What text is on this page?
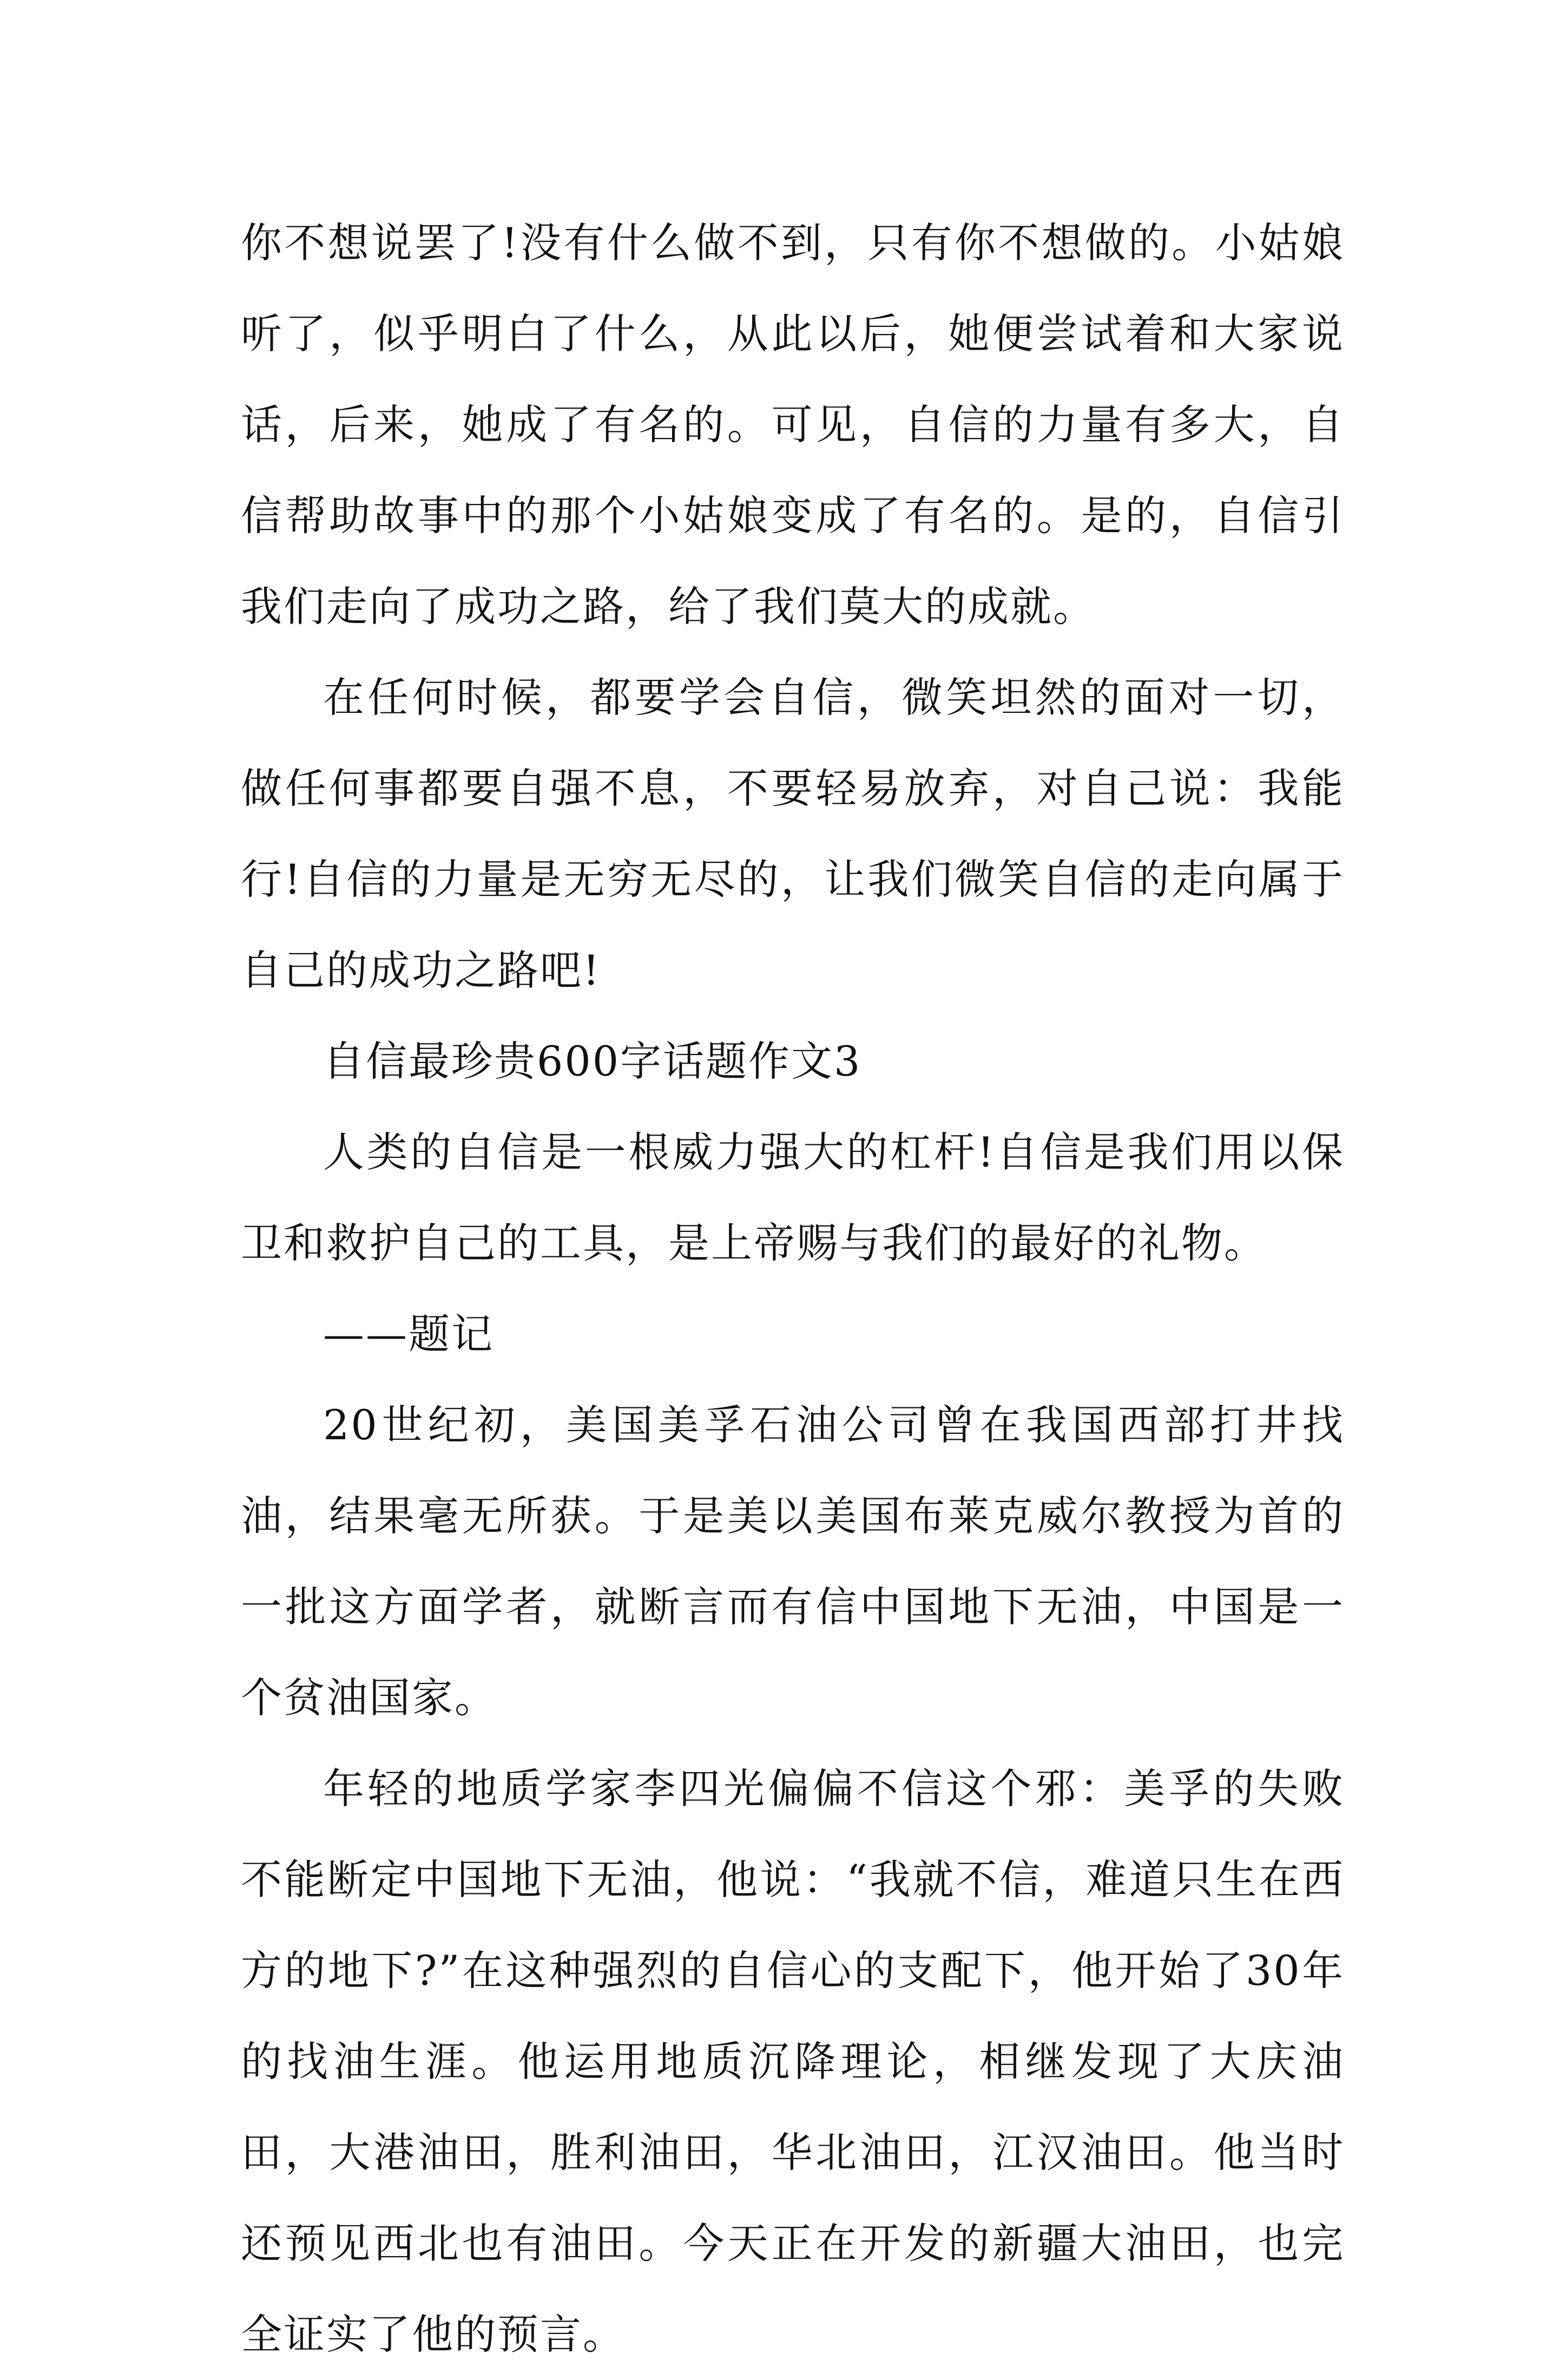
你不想说罢了!没有什么做不到，只有你不想做的。小姑娘听了，似乎明白了什么，从此以后，她便尝试着和大家说话，后来，她成了有名的。可见，自信的力量有多大，自信帮助故事中的那个小姑娘变成了有名的。是的，自信引我们走向了成功之路，给了我们莫大的成就。

在任何时候，都要学会自信，微笑坦然的面对一切，做任何事都要自强不息，不要轻易放弃，对自己说：我能行!自信的力量是无穷无尽的，让我们微笑自信的走向属于自己的成功之路吧!

自信最珍贵600字话题作文3

人类的自信是一根威力强大的杠杆!自信是我们用以保卫和救护自己的工具，是上帝赐与我们的最好的礼物。

——题记

20世纪初，美国美孚石油公司曾在我国西部打井找油，结果毫无所获。于是美以美国布莱克威尔教授为首的一批这方面学者，就断言而有信中国地下无油，中国是一个贫油国家。

年轻的地质学家李四光偏偏不信这个邪：美孚的失败不能断定中国地下无油，他说：“我就不信，难道只生在西方的地下?”在这种强烈的自信心的支配下，他开始了30年的找油生涯。他运用地质沉降理论，相继发现了大庆油田，大港油田，胜利油田，华北油田，江汉油田。他当时还预见西北也有油田。今天正在开发的新疆大油田，也完全证实了他的预言。
